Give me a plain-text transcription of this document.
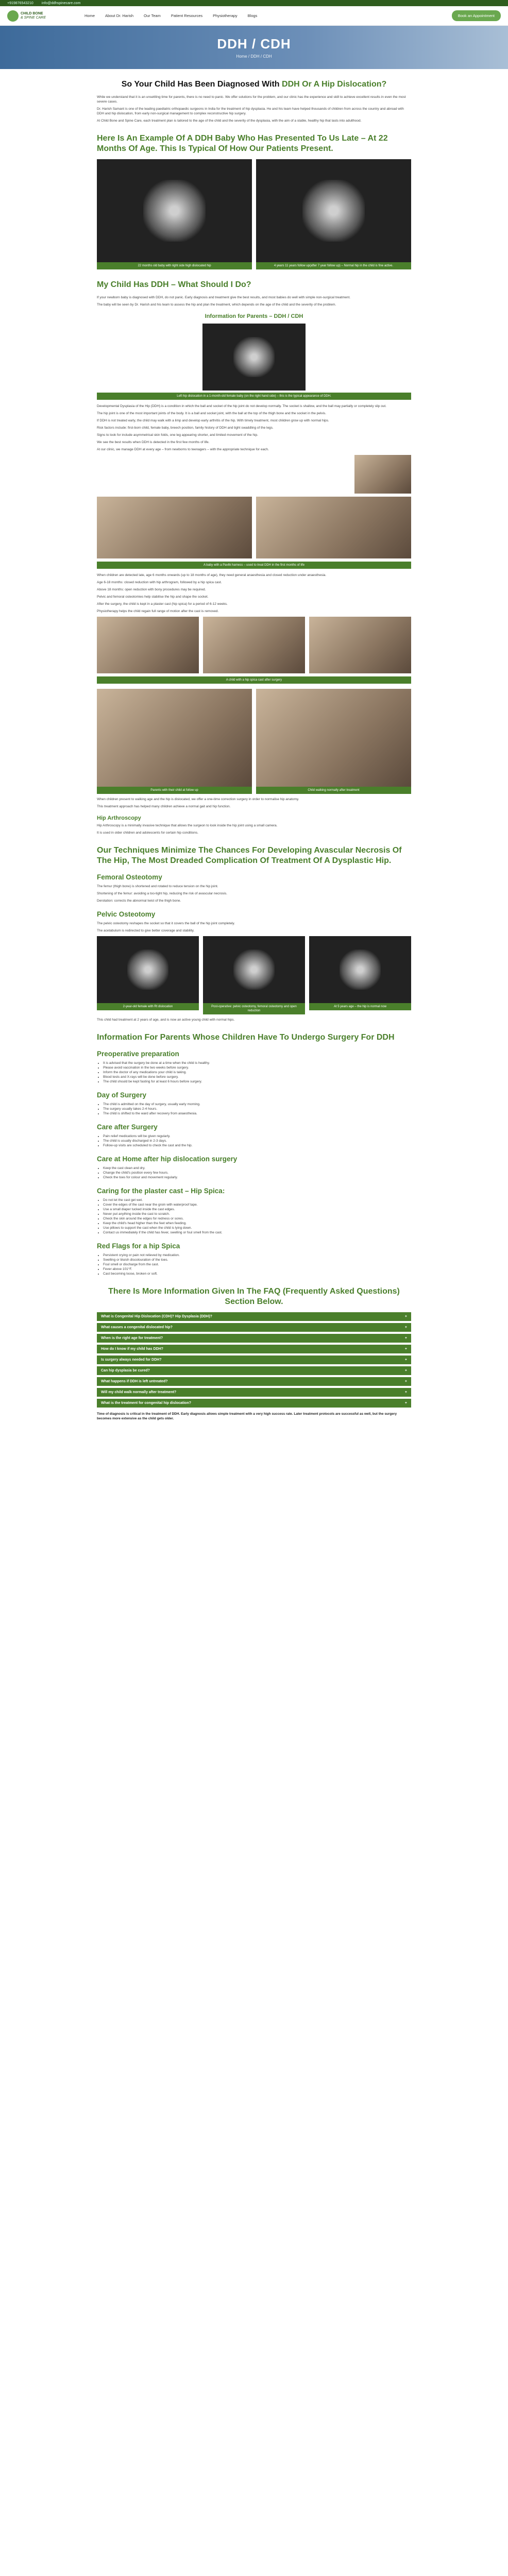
+919876543210 info@ddhspinecare.com
CHILD BONE
& SPINE CARE	Home	About Dr. Harish	Our Team	Patient Resources	Physiotherapy	Blogs	Book an Appointment
DDH / CDH
Home / DDH / CDH
So Your Child Has Been Diagnosed With DDH Or A Hip Dislocation?

While we understand that it is an unsettling time for parents, there is no need to panic. We offer solutions for the problem, and our clinic has the experience and skill to achieve excellent results in even the most severe cases.

Dr. Harish Samant is one of the leading paediatric orthopaedic surgeons in India for the treatment of hip dysplasia. He and his team have helped thousands of children from across the country and abroad with DDH and hip dislocation, from early non-surgical management to complex reconstructive hip surgery.

At Child Bone and Spine Care, each treatment plan is tailored to the age of the child and the severity of the dysplasia, with the aim of a stable, healthy hip that lasts into adulthood.

Here Is An Example Of A DDH Baby Who Has Presented To Us Late – At 22 Months Of Age. This Is Typical Of How Our Patients Present.
22 months old baby with right side high dislocated hip	4 years 11 years follow up(after 7 year follow up) – Normal hip in the child is fine active.
My Child Has DDH – What Should I Do?

If your newborn baby is diagnosed with DDH, do not panic. Early diagnosis and treatment give the best results, and most babies do well with simple non-surgical treatment.

The baby will be seen by Dr. Harish and his team to assess the hip and plan the treatment, which depends on the age of the child and the severity of the problem.

Information for Parents – DDH / CDH
Left hip dislocation in a 1-month-old female baby (on the right hand side) – this is the typical appearance of DDH.

Developmental Dysplasia of the Hip (DDH) is a condition in which the ball and socket of the hip joint do not develop normally. The socket is shallow, and the ball may partially or completely slip out.

The hip joint is one of the most important joints of the body. It is a ball and socket joint, with the ball at the top of the thigh bone and the socket in the pelvis.

If DDH is not treated early, the child may walk with a limp and develop early arthritis of the hip. With timely treatment, most children grow up with normal hips.

Risk factors include: first-born child, female baby, breech position, family history of DDH and tight swaddling of the legs.

Signs to look for include asymmetrical skin folds, one leg appearing shorter, and limited movement of the hip.

We see the best results when DDH is detected in the first few months of life.

At our clinic, we manage DDH at every age – from newborns to teenagers – with the appropriate technique for each.

A baby with a Pavlik harness – used to treat DDH in the first months of life

When children are detected late, age 6 months onwards (up to 18 months of age), they need general anaesthesia and closed reduction under anaesthesia.

Age 6-18 months: closed reduction with hip arthrogram, followed by a hip spica cast.

Above 18 months: open reduction with bony procedures may be required.

Pelvic and femoral osteotomies help stabilise the hip and shape the socket.

After the surgery, the child is kept in a plaster cast (hip spica) for a period of 6-12 weeks.

Physiotherapy helps the child regain full range of motion after the cast is removed.

A child with a hip spica cast after surgery
Parents with their child at follow up	Child walking normally after treatment

When children present to walking age and the hip is dislocated, we offer a one-time correction surgery in order to normalise hip anatomy.

This treatment approach has helped many children achieve a normal gait and hip function.

Hip Arthroscopy

Hip Arthroscopy is a minimally invasive technique that allows the surgeon to look inside the hip joint using a small camera.

It is used in older children and adolescents for certain hip conditions.

Our Techniques Minimize The Chances For Developing Avascular Necrosis Of The Hip, The Most Dreaded Complication Of Treatment Of A Dysplastic Hip.
Femoral Osteotomy

The femur (thigh bone) is shortened and rotated to reduce tension on the hip joint.

Shortening of the femur: avoiding a too-tight hip, reducing the risk of avascular necrosis.

Derotation: corrects the abnormal twist of the thigh bone.

Pelvic Osteotomy

The pelvic osteotomy reshapes the socket so that it covers the ball of the hip joint completely.

The acetabulum is redirected to give better coverage and stability.

2-year-old female with Rt dislocation	Post-operative: pelvic osteotomy, femoral osteotomy and open reduction
At 5 years age – the hip is normal now

This child had treatment at 2 years of age, and is now an active young child with normal hips.

Information For Parents Whose Children Have To Undergo Surgery For DDH
Preoperative preparation
• It is advised that the surgery be done at a time when the child is healthy.
• Please avoid vaccination in the two weeks before surgery.
• Inform the doctor of any medications your child is taking.
• Blood tests and X-rays will be done before surgery.
• The child should be kept fasting for at least 6 hours before surgery.
Day of Surgery
• The child is admitted on the day of surgery, usually early morning.
• The surgery usually takes 2-4 hours.
• The child is shifted to the ward after recovery from anaesthesia.
Care after Surgery
• Pain relief medications will be given regularly.
• The child is usually discharged in 2-3 days.
• Follow-up visits are scheduled to check the cast and the hip.
Care at Home after hip dislocation surgery
• Keep the cast clean and dry.
• Change the child's position every few hours.
• Check the toes for colour and movement regularly.
Caring for the plaster cast – Hip Spica:
• Do not let the cast get wet.
• Cover the edges of the cast near the groin with waterproof tape.
• Use a small diaper tucked inside the cast edges.
• Never put anything inside the cast to scratch.
• Check the skin around the edges for redness or sores.
• Keep the child's head higher than the feet when feeding.
• Use pillows to support the cast when the child is lying down.
• Contact us immediately if the child has fever, swelling or foul smell from the cast.
Red Flags for a hip Spica
• Persistent crying or pain not relieved by medication.
• Swelling or bluish discolouration of the toes.
• Foul smell or discharge from the cast.
• Fever above 101°F.
• Cast becoming loose, broken or soft.
There Is More Information Given In The FAQ (Frequently Asked Questions) Section Below.
What is Congenital Hip Dislocation (CDH)? Hip Dysplasia (DDH)?	+
What causes a congenital dislocated hip?	+
When is the right age for treatment?	+
How do I know if my child has DDH?	+
Is surgery always needed for DDH?	+
Can hip dysplasia be cured?	+
What happens if DDH is left untreated?	+
Will my child walk normally after treatment?	+
What is the treatment for congenital hip dislocation?	+

Time of diagnosis is critical in the treatment of DDH. Early diagnosis allows simple treatment with a very high success rate. Later treatment protocols are successful as well, but the surgery becomes more extensive as the child gets older.
